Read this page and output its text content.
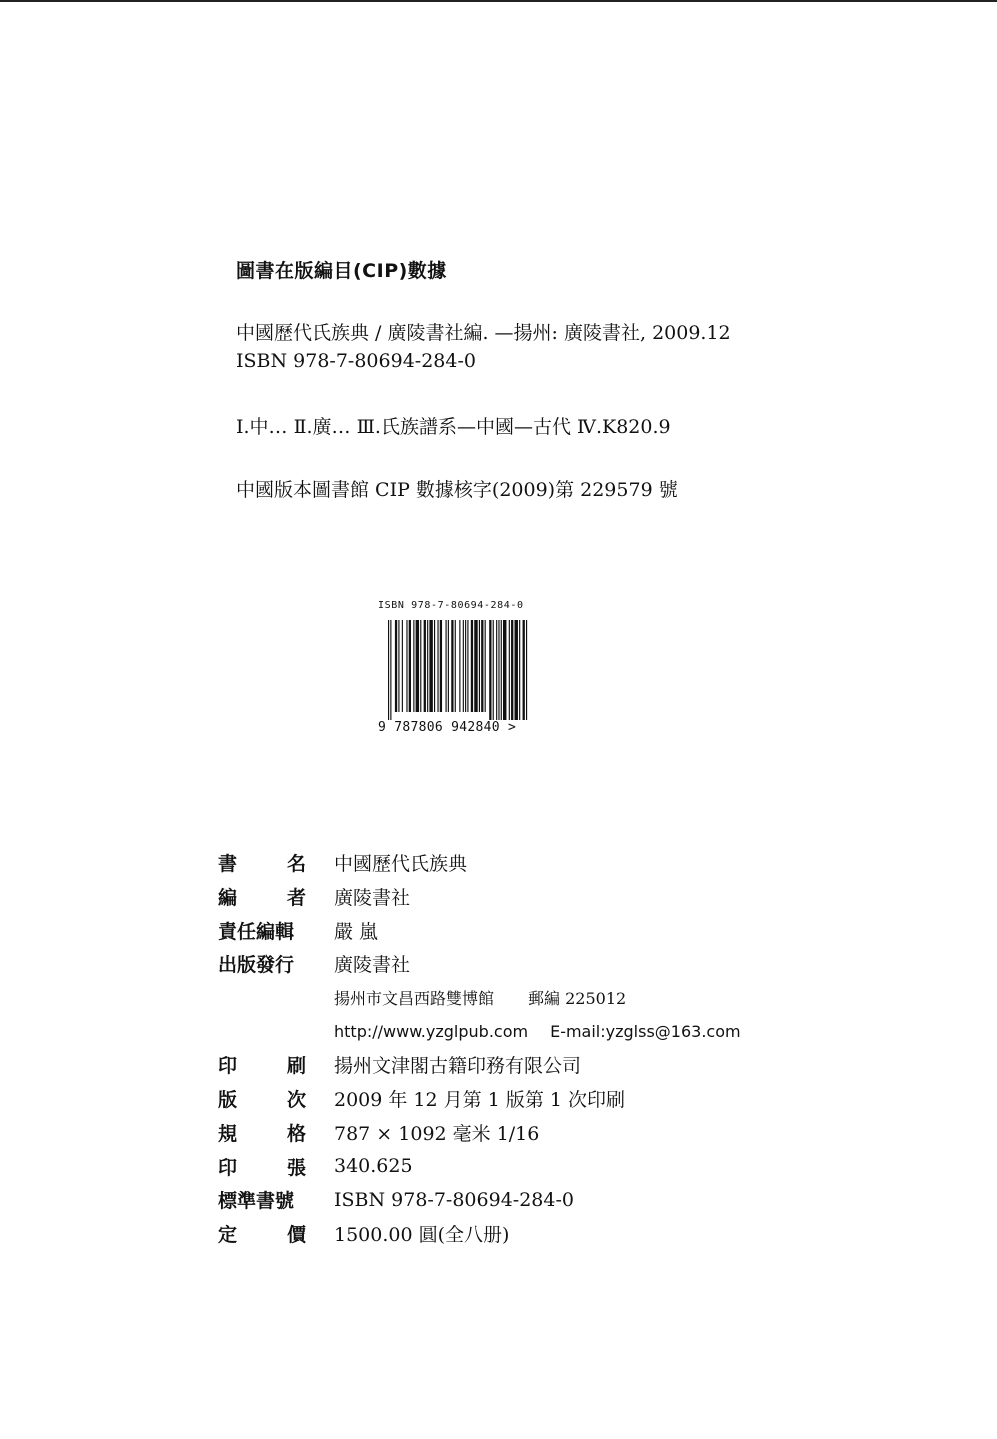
圖書在版編目(CIP)數據

中國歷代氏族典 / 廣陵書社編. —揚州: 廣陵書社, 2009.12

ISBN 978-7-80694-284-0

Ⅰ.中… Ⅱ.廣… Ⅲ.氏族譜系—中國—古代 Ⅳ.K820.9

中國版本圖書館 CIP 數據核字(2009)第 229579 號

ISBN 978-7-80694-284-0
9 787806 942840 >
書	名 中國歷代氏族典
編	者 廣陵書社
責任編輯	嚴 嵐
出版發行	廣陵書社
揚州市文昌西路雙博館 郵編 225012
http://www.yzglpub.com E-mail:yzglss@163.com
印	刷 揚州文津閣古籍印務有限公司
版	次 2009 年 12 月第 1 版第 1 次印刷
規	格 787 × 1092 毫米 1/16
印	張 340.625
標準書號	ISBN 978-7-80694-284-0
定	價 1500.00 圓(全八册)
